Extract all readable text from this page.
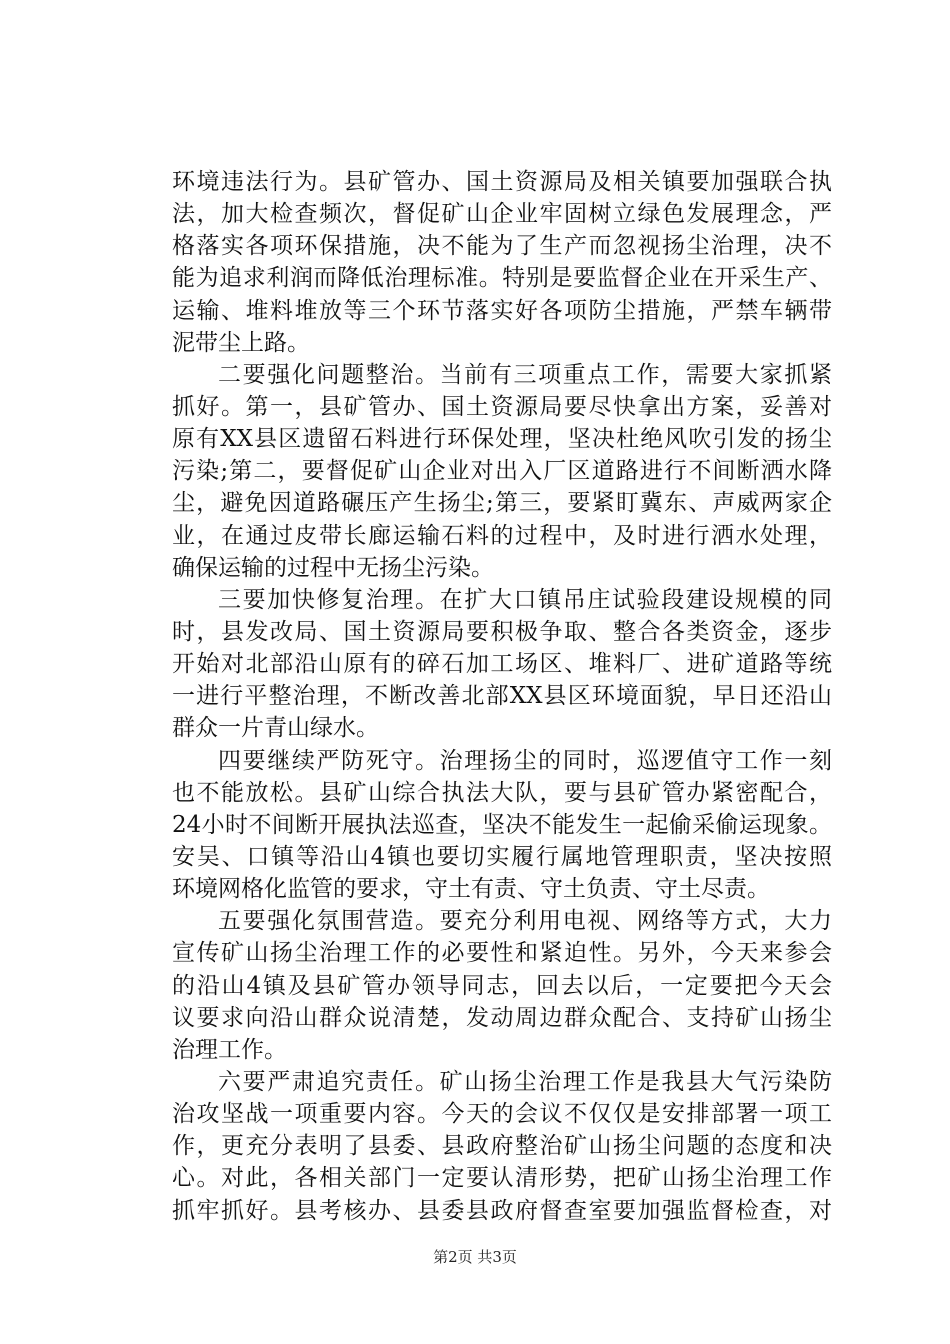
环境违法行为。县矿管办、国土资源局及相关镇要加强联合执
法，加大检查频次，督促矿山企业牢固树立绿色发展理念，严
格落实各项环保措施，决不能为了生产而忽视扬尘治理，决不
能为追求利润而降低治理标准。特别是要监督企业在开采生产、
运输、堆料堆放等三个环节落实好各项防尘措施，严禁车辆带
泥带尘上路。
二要强化问题整治。当前有三项重点工作，需要大家抓紧
抓好。第一，县矿管办、国土资源局要尽快拿出方案，妥善对
原有XX县区遗留石料进行环保处理，坚决杜绝风吹引发的扬尘
污染;第二，要督促矿山企业对出入厂区道路进行不间断洒水降
尘，避免因道路碾压产生扬尘;第三，要紧盯冀东、声威两家企
业，在通过皮带长廊运输石料的过程中，及时进行洒水处理，
确保运输的过程中无扬尘污染。
三要加快修复治理。在扩大口镇吊庄试验段建设规模的同
时，县发改局、国土资源局要积极争取、整合各类资金，逐步
开始对北部沿山原有的碎石加工场区、堆料厂、进矿道路等统
一进行平整治理，不断改善北部XX县区环境面貌，早日还沿山
群众一片青山绿水。
四要继续严防死守。治理扬尘的同时，巡逻值守工作一刻
也不能放松。县矿山综合执法大队，要与县矿管办紧密配合，
24小时不间断开展执法巡查，坚决不能发生一起偷采偷运现象。
安吴、口镇等沿山4镇也要切实履行属地管理职责，坚决按照
环境网格化监管的要求，守土有责、守土负责、守土尽责。
五要强化氛围营造。要充分利用电视、网络等方式，大力
宣传矿山扬尘治理工作的必要性和紧迫性。另外，今天来参会
的沿山4镇及县矿管办领导同志，回去以后，一定要把今天会
议要求向沿山群众说清楚，发动周边群众配合、支持矿山扬尘
治理工作。
六要严肃追究责任。矿山扬尘治理工作是我县大气污染防
治攻坚战一项重要内容。今天的会议不仅仅是安排部署一项工
作，更充分表明了县委、县政府整治矿山扬尘问题的态度和决
心。对此，各相关部门一定要认清形势，把矿山扬尘治理工作
抓牢抓好。县考核办、县委县政府督查室要加强监督检查，对
第2页 共3页
